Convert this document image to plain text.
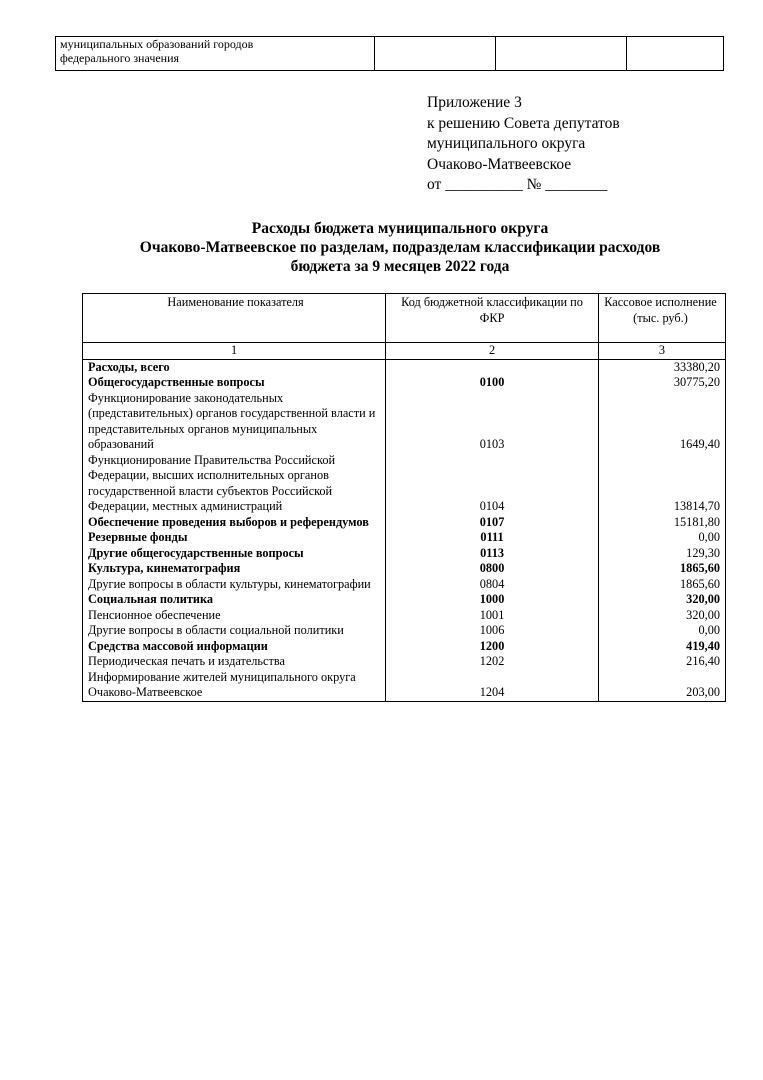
муниципальных образований городов
федерального значения

Приложение 3
к решению Совета депутатов
муниципального округа
Очаково-Матвеевское
от __________ № ________
Расходы бюджета муниципального округа
Очаково-Матвеевское по разделам, подразделам классификации расходов
бюджета за 9 месяцев 2022 года
Наименование показателя	Код бюджетной классификации по ФКР	Кассовое исполнение (тыс. руб.)
1	2	3
Расходы, всего		33380,20
Общегосударственные вопросы	0100	30775,20
Функционирование законодательных (представительных) органов государственной власти и представительных органов муниципальных образований	0103	1649,40
Функционирование Правительства Российской Федерации, высших исполнительных органов государственной власти субъектов Российской Федерации, местных администраций	0104	13814,70
Обеспечение проведения выборов и референдумов	0107	15181,80
Резервные фонды	0111	0,00
Другие общегосударственные вопросы	0113	129,30
Культура, кинематография	0800	1865,60
Другие вопросы в области культуры, кинематографии	0804	1865,60
Социальная политика	1000	320,00
Пенсионное обеспечение	1001	320,00
Другие вопросы в области социальной политики	1006	0,00
Средства массовой информации	1200	419,40
Периодическая печать и издательства	1202	216,40
Информирование жителей муниципального округа Очаково-Матвеевское	1204	203,00
